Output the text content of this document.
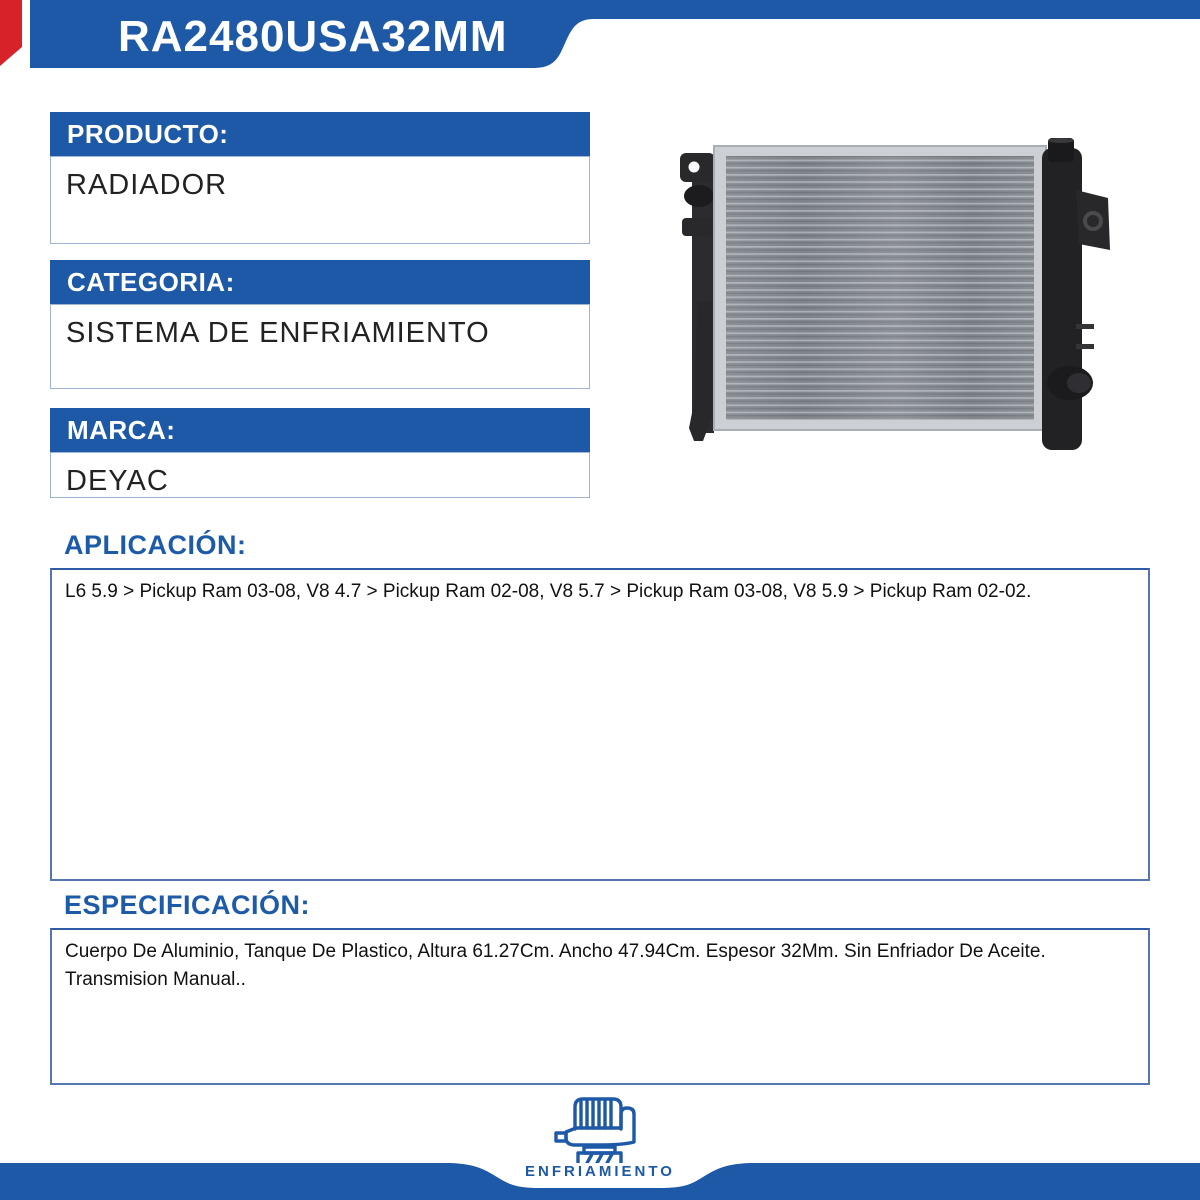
RA2480USA32MM
PRODUCTO:
RADIADOR
CATEGORIA:
SISTEMA DE ENFRIAMIENTO
MARCA:
DEYAC
APLICACIÓN:
L6 5.9 > Pickup Ram 03-08, V8 4.7 > Pickup Ram 02-08, V8 5.7 > Pickup Ram 03-08, V8 5.9 > Pickup Ram 02-02.
ESPECIFICACIÓN:
Cuerpo De Aluminio, Tanque De Plastico, Altura 61.27Cm. Ancho 47.94Cm. Espesor 32Mm. Sin Enfriador De Aceite. Transmision Manual..
ENFRIAMIENTO
